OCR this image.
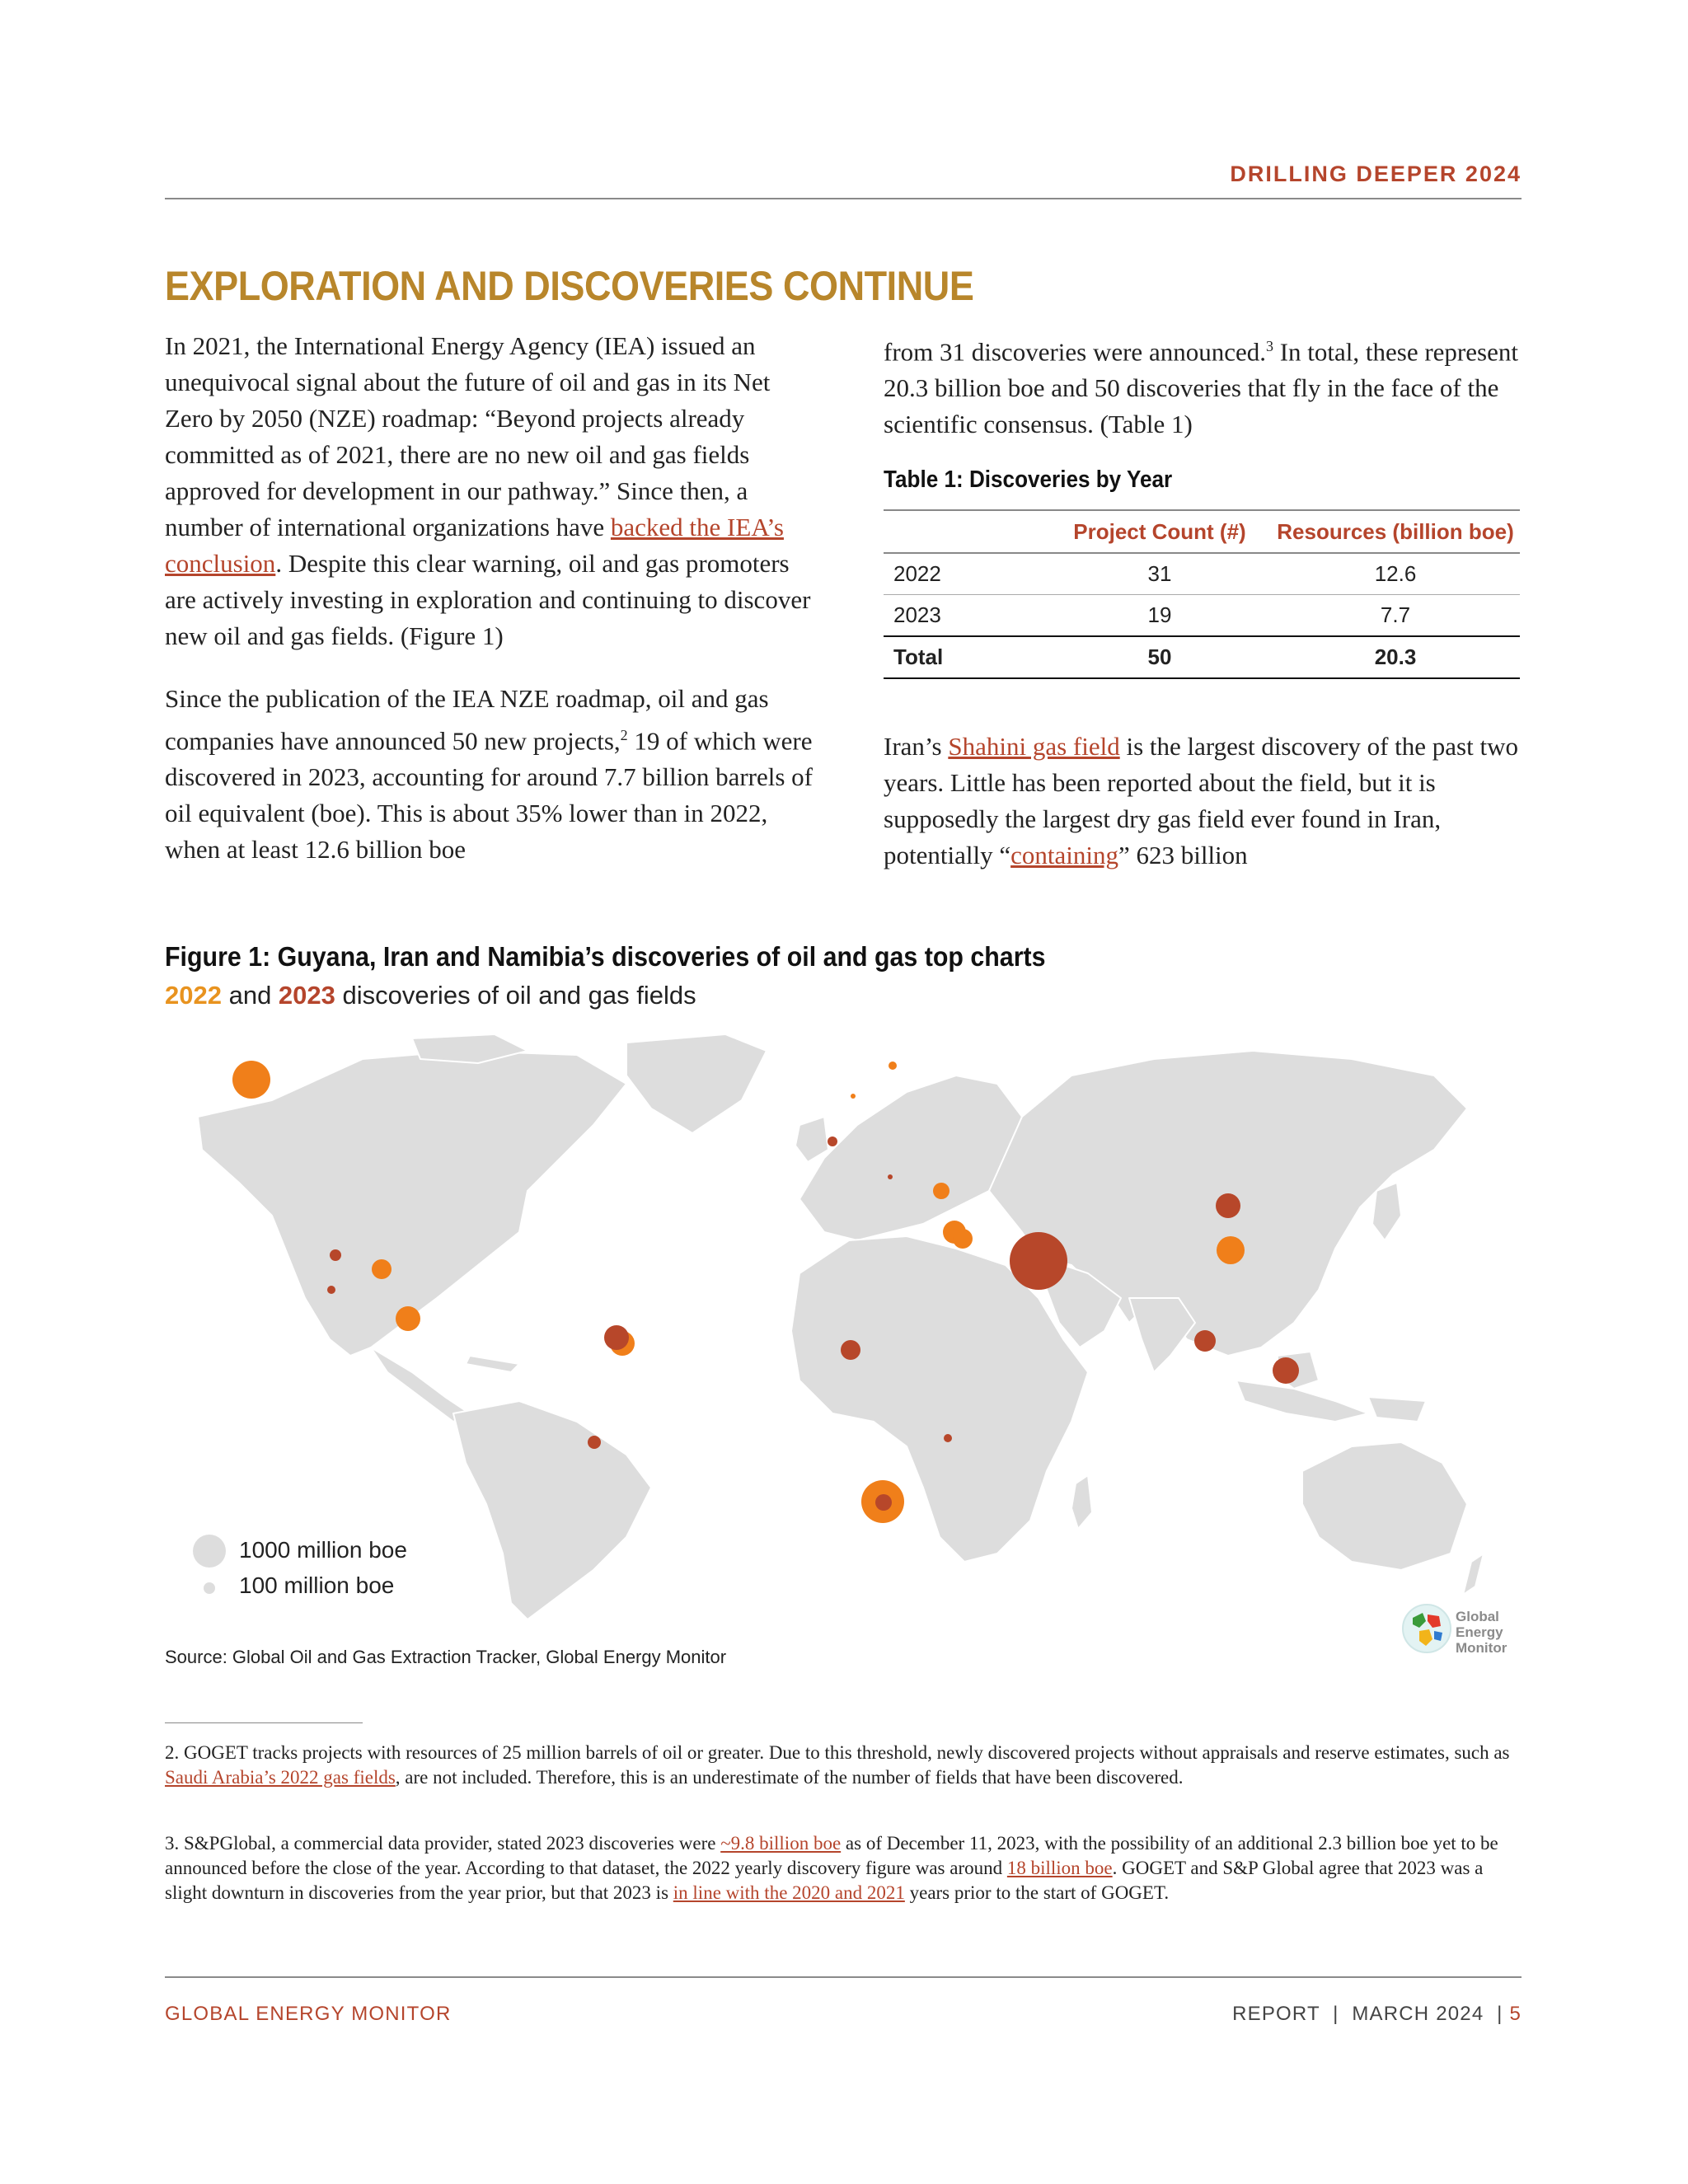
DRILLING DEEPER 2024
EXPLORATION AND DISCOVERIES CONTINUE

In 2021, the International Energy Agency (IEA) issued an unequivocal signal about the future of oil and gas in its Net Zero by 2050 (NZE) roadmap: “Beyond projects already committed as of 2021, there are no new oil and gas fields approved for development in our pathway.” Since then, a number of international organizations have backed the IEA’s conclusion. Despite this clear warning, oil and gas promoters are actively investing in exploration and continuing to discover new oil and gas fields. (Figure 1)

Since the publication of the IEA NZE roadmap, oil and gas companies have announced 50 new projects,$^2$ 19 of which were discovered in 2023, accounting for around 7.7 billion barrels of oil equivalent (boe). This is about 35% lower than in 2022, when at least 12.6 billion boe

from 31 discoveries were announced.$^3$ In total, these represent 20.3 billion boe and 50 discoveries that fly in the face of the scientific consensus. (Table 1)

Table 1: Discoveries by Year
	Project Count (#)	Resources (billion boe)
2022	31	12.6
2023	19	7.7
Total	50	20.3

Iran’s Shahini gas field is the largest discovery of the past two years. Little has been reported about the field, but it is supposedly the largest dry gas field ever found in Iran, potentially “containing” 623 billion

Figure 1: Guyana, Iran and Namibia’s discoveries of oil and gas top charts
2022 and 2023 discoveries of oil and gas fields
1000 million boe
100 million boe
Source: Global Oil and Gas Extraction Tracker, Global Energy Monitor
Global
Energy
Monitor
2. GOGET tracks projects with resources of 25 million barrels of oil or greater. Due to this threshold, newly discovered projects without appraisals and reserve estimates, such as Saudi Arabia’s 2022 gas fields, are not included. Therefore, this is an underestimate of the number of fields that have been discovered.
3. S&PGlobal, a commercial data provider, stated 2023 discoveries were ~9.8 billion boe as of December 11, 2023, with the possibility of an additional 2.3 billion boe yet to be announced before the close of the year. According to that dataset, the 2022 yearly discovery figure was around 18 billion boe. GOGET and S&P Global agree that 2023 was a slight downturn in discoveries from the year prior, but that 2023 is in line with the 2020 and 2021 years prior to the start of GOGET.
GLOBAL ENERGY MONITOR	REPORT  |  MARCH 2024  | 5
